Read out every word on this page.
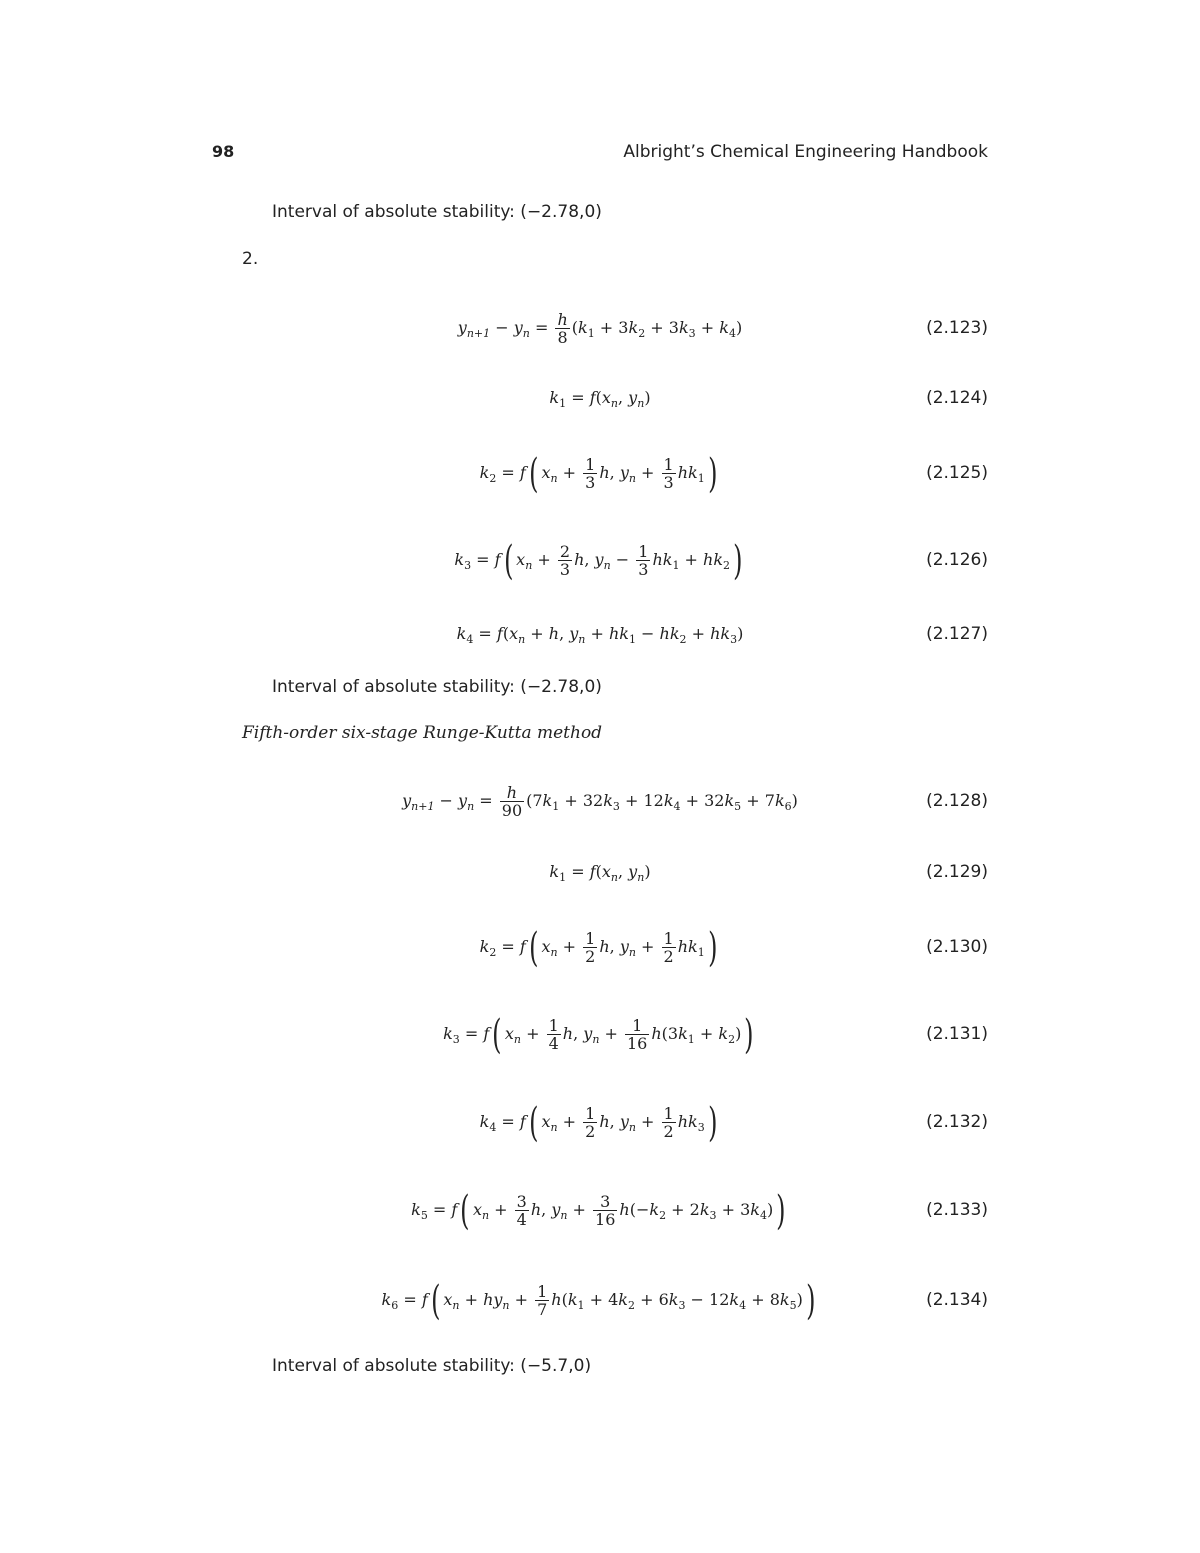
98	Albright’s Chemical Engineering Handbook
Interval of absolute stability: (−2.78,0)
2.
$y_{n+1} - y_n = \frac{h}{8} (k_1 + 3k_2 + 3k_3 + k_4)$	(2.123)
$k_1 = f(x_n$, $y_n$)	(2.124)
$k_2 = f$( $x_n + \frac{1}{3} h$, $y_n + \frac{1}{3} hk_1$)	(2.125)
$k_3 = f$( $x_n + \frac{2}{3} h$, $y_n - \frac{1}{3} hk_1 + hk_2$)	(2.126)
$k_4 = f(x_n + h$, $y_n + hk_1 - hk_2 + hk_3$)	(2.127)
Interval of absolute stability: (−2.78,0)
Fifth-order six-stage Runge-Kutta method
$y_{n+1} - y_n = \frac{h}{90} (7k_1 + 32k_3 + 12k_4 + 32k_5 + 7k_6)$	(2.128)
$k_1 = f(x_n$, $y_n$)	(2.129)
$k_2 = f$( $x_n + \frac{1}{2} h$, $y_n + \frac{1}{2} hk_1$)	(2.130)
$k_3 = f$( $x_n + \frac{1}{4} h$, $y_n + \frac{1}{16} h(3k_1 + k_2)$)	(2.131)
$k_4 = f$( $x_n + \frac{1}{2} h$, $y_n + \frac{1}{2} hk_3$)	(2.132)
$k_5 = f$( $x_n + \frac{3}{4} h$, $y_n + \frac{3}{16} h(-k_2 + 2k_3 + 3k_4)$)	(2.133)
$k_6 = f$( $x_n + hy_n + \frac{1}{7} h(k_1 + 4k_2 + 6k_3 - 12k_4 + 8k_5)$)	(2.134)
Interval of absolute stability: (−5.7,0)
